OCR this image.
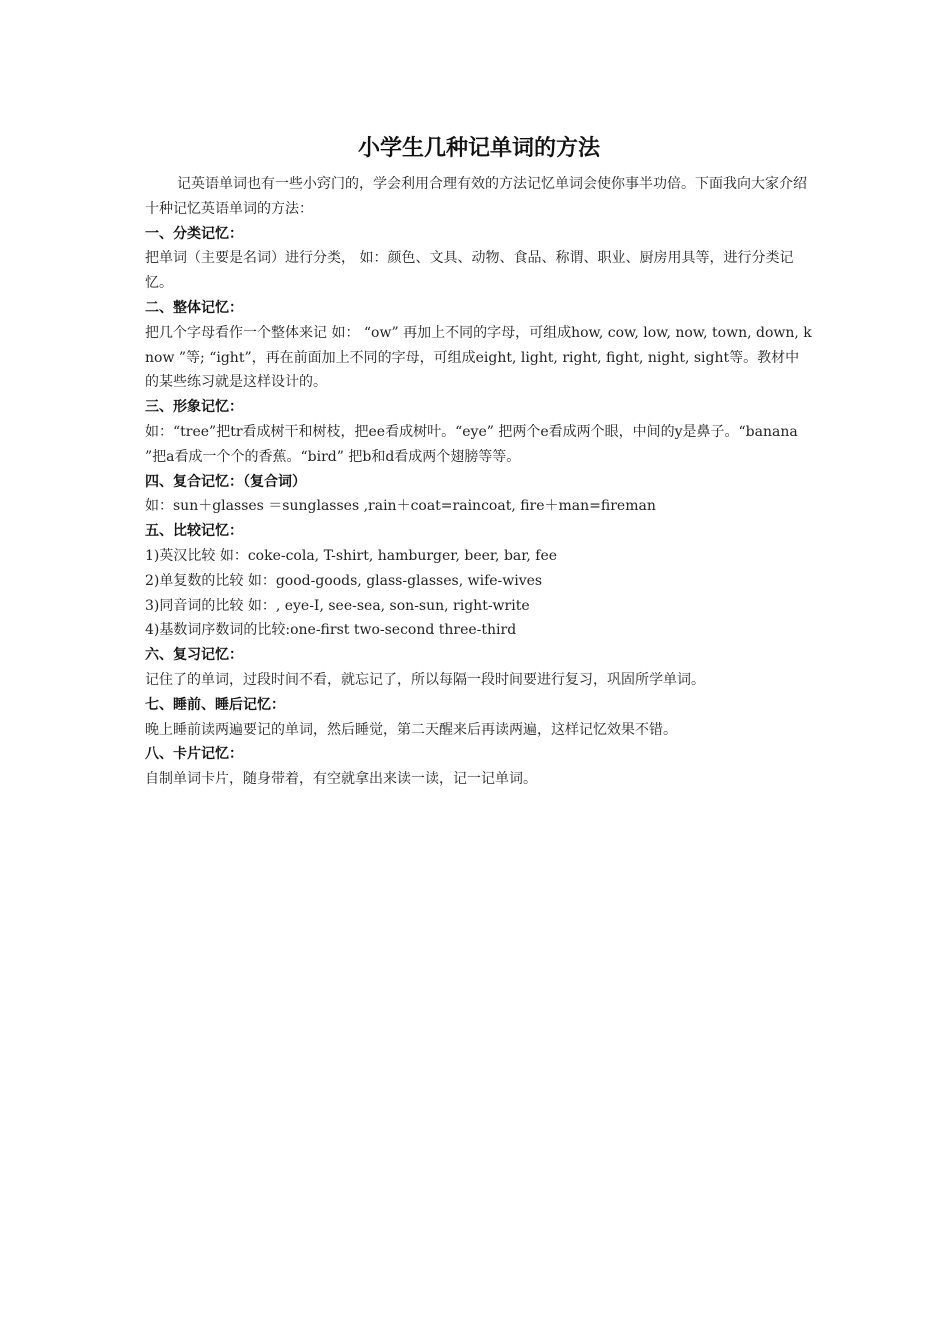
小学生几种记单词的方法

记英语单词也有一些小窍门的，学会利用合理有效的方法记忆单词会使你事半功倍。下面我向大家介绍十种记忆英语单词的方法：

一、分类记忆：

把单词（主要是名词）进行分类， 如：颜色、文具、动物、食品、称谓、职业、厨房用具等，进行分类记忆。

二、整体记忆：

把几个字母看作一个整体来记 如： “ow” 再加上不同的字母，可组成how, cow, low, now, town, down, know ”等; “ight”，再在前面加上不同的字母，可组成eight, light, right, fight, night, sight等。教材中的某些练习就是这样设计的。

三、形象记忆：

如：“tree”把tr看成树干和树枝，把ee看成树叶。“eye” 把两个e看成两个眼，中间的y是鼻子。“banana ”把a看成一个个的香蕉。“bird” 把b和d看成两个翅膀等等。

四、复合记忆：（复合词）

如：sun＋glasses ＝sunglasses ,rain＋coat=raincoat, fire＋man=fireman

五、比较记忆：

1)英汉比较 如：coke-cola, T-shirt, hamburger, beer, bar, fee

2)单复数的比较 如：good-goods, glass-glasses, wife-wives

3)同音词的比较 如：, eye-I, see-sea, son-sun, right-write

4)基数词序数词的比较:one-first two-second three-third

六、复习记忆：

记住了的单词，过段时间不看，就忘记了，所以每隔一段时间要进行复习，巩固所学单词。

七、睡前、睡后记忆：

晚上睡前读两遍要记的单词，然后睡觉，第二天醒来后再读两遍，这样记忆效果不错。

八、卡片记忆：

自制单词卡片，随身带着，有空就拿出来读一读，记一记单词。
